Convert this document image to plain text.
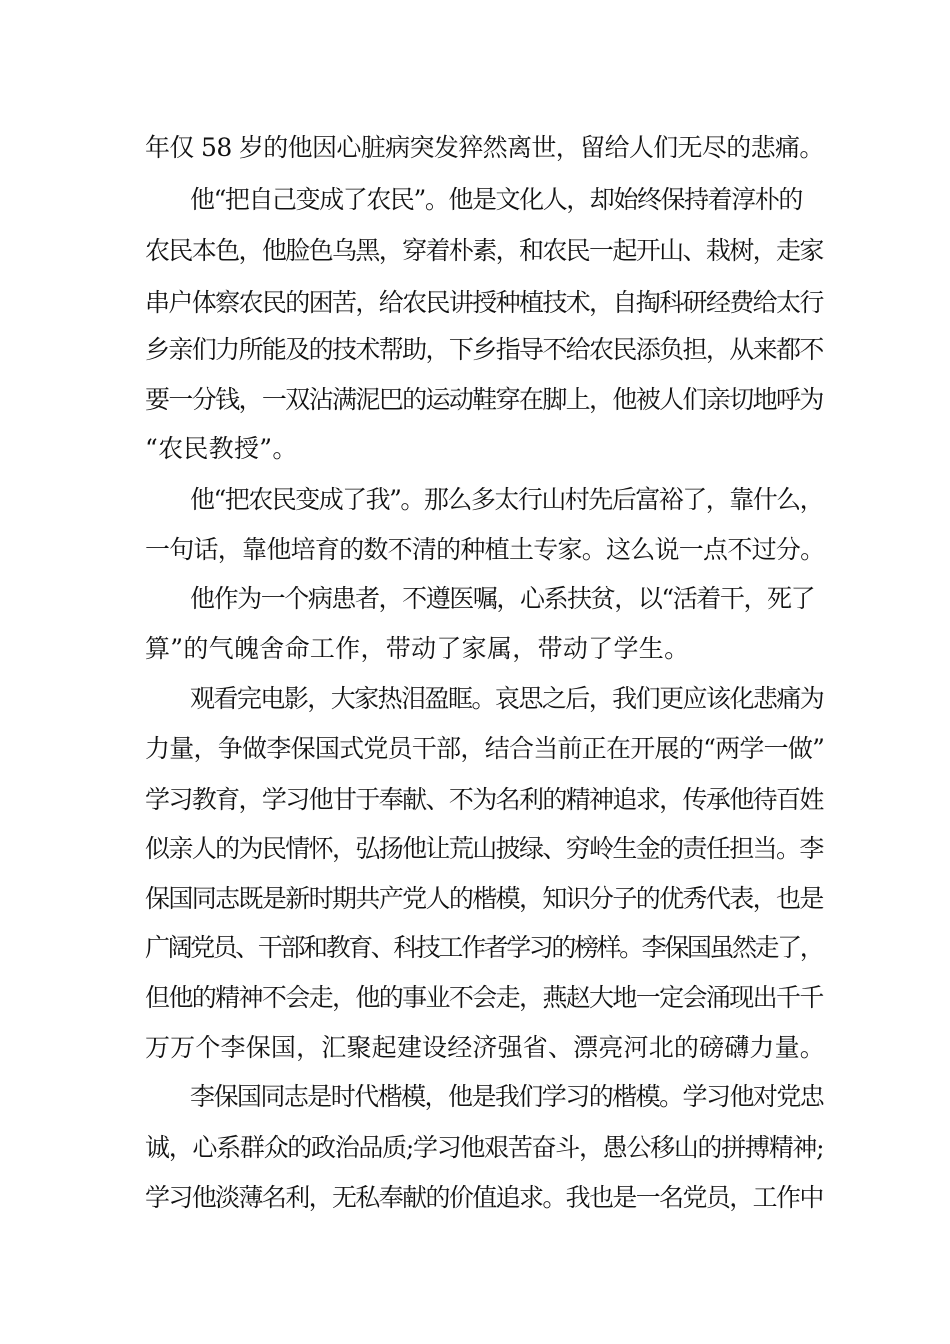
年仅 58 岁的他因心脏病突发猝然离世，留给人们无尽的悲痛。
他“把自己变成了农民”。他是文化人，却始终保持着淳朴的
农民本色，他脸色乌黑，穿着朴素，和农民一起开山、栽树，走家
串户体察农民的困苦，给农民讲授种植技术，自掏科研经费给太行
乡亲们力所能及的技术帮助，下乡指导不给农民添负担，从来都不
要一分钱，一双沾满泥巴的运动鞋穿在脚上，他被人们亲切地呼为
“农民教授”。
他“把农民变成了我”。那么多太行山村先后富裕了，靠什么，
一句话，靠他培育的数不清的种植土专家。这么说一点不过分。
他作为一个病患者，不遵医嘱，心系扶贫，以“活着干，死了
算”的气魄舍命工作，带动了家属，带动了学生。
观看完电影，大家热泪盈眶。哀思之后，我们更应该化悲痛为
力量，争做李保国式党员干部，结合当前正在开展的“两学一做”
学习教育，学习他甘于奉献、不为名利的精神追求，传承他待百姓
似亲人的为民情怀，弘扬他让荒山披绿、穷岭生金的责任担当。李
保国同志既是新时期共产党人的楷模，知识分子的优秀代表，也是
广阔党员、干部和教育、科技工作者学习的榜样。李保国虽然走了，
但他的精神不会走，他的事业不会走，燕赵大地一定会涌现出千千
万万个李保国，汇聚起建设经济强省、漂亮河北的磅礴力量。
李保国同志是时代楷模，他是我们学习的楷模。学习他对党忠
诚，心系群众的政治品质;学习他艰苦奋斗，愚公移山的拼搏精神;
学习他淡薄名利，无私奉献的价值追求。我也是一名党员，工作中
